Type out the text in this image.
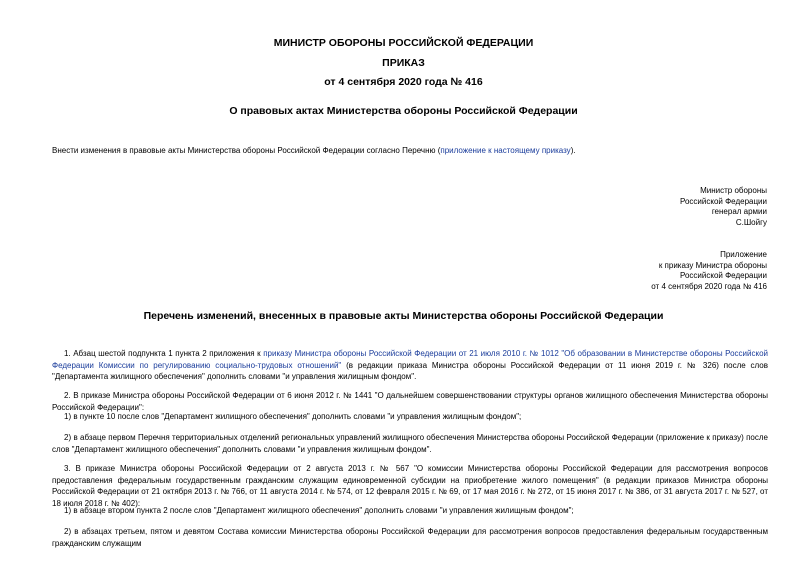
МИНИСТР ОБОРОНЫ РОССИЙСКОЙ ФЕДЕРАЦИИ
ПРИКАЗ
от 4 сентября 2020 года № 416
О правовых актах Министерства обороны Российской Федерации
Внести изменения в правовые акты Министерства обороны Российской Федерации согласно Перечню (приложение к настоящему приказу).
Министр обороны
Российской Федерации
генерал армии
С.Шойгу
Приложение
к приказу Министра обороны
Российской Федерации
от 4 сентября 2020 года № 416
Перечень изменений, внесенных в правовые акты Министерства обороны Российской Федерации
1. Абзац шестой подпункта 1 пункта 2 приложения к приказу Министра обороны Российской Федерации от 21 июля 2010 г. № 1012 "Об образовании в Министерстве обороны Российской Федерации Комиссии по регулированию социально-трудовых отношений" (в редакции приказа Министра обороны Российской Федерации от 11 июня 2019 г. № 326) после слов "Департамента жилищного обеспечения" дополнить словами "и управления жилищным фондом".
2. В приказе Министра обороны Российской Федерации от 6 июня 2012 г. № 1441 "О дальнейшем совершенствовании структуры органов жилищного обеспечения Министерства обороны Российской Федерации":
1) в пункте 10 после слов "Департамент жилищного обеспечения" дополнить словами "и управления жилищным фондом";
2) в абзаце первом Перечня территориальных отделений региональных управлений жилищного обеспечения Министерства обороны Российской Федерации (приложение к приказу) после слов "Департамент жилищного обеспечения" дополнить словами "и управления жилищным фондом".
3. В приказе Министра обороны Российской Федерации от 2 августа 2013 г. № 567 "О комиссии Министерства обороны Российской Федерации для рассмотрения вопросов предоставления федеральным государственным гражданским служащим единовременной субсидии на приобретение жилого помещения" (в редакции приказов Министра обороны Российской Федерации от 21 октября 2013 г. № 766, от 11 августа 2014 г. № 574, от 12 февраля 2015 г. № 69, от 17 мая 2016 г. № 272, от 15 июня 2017 г. № 386, от 31 августа 2017 г. № 527, от 18 июля 2018 г. № 402):
1) в абзаце втором пункта 2 после слов "Департамент жилищного обеспечения" дополнить словами "и управления жилищным фондом";
2) в абзацах третьем, пятом и девятом Состава комиссии Министерства обороны Российской Федерации для рассмотрения вопросов предоставления федеральным государственным гражданским служащим
